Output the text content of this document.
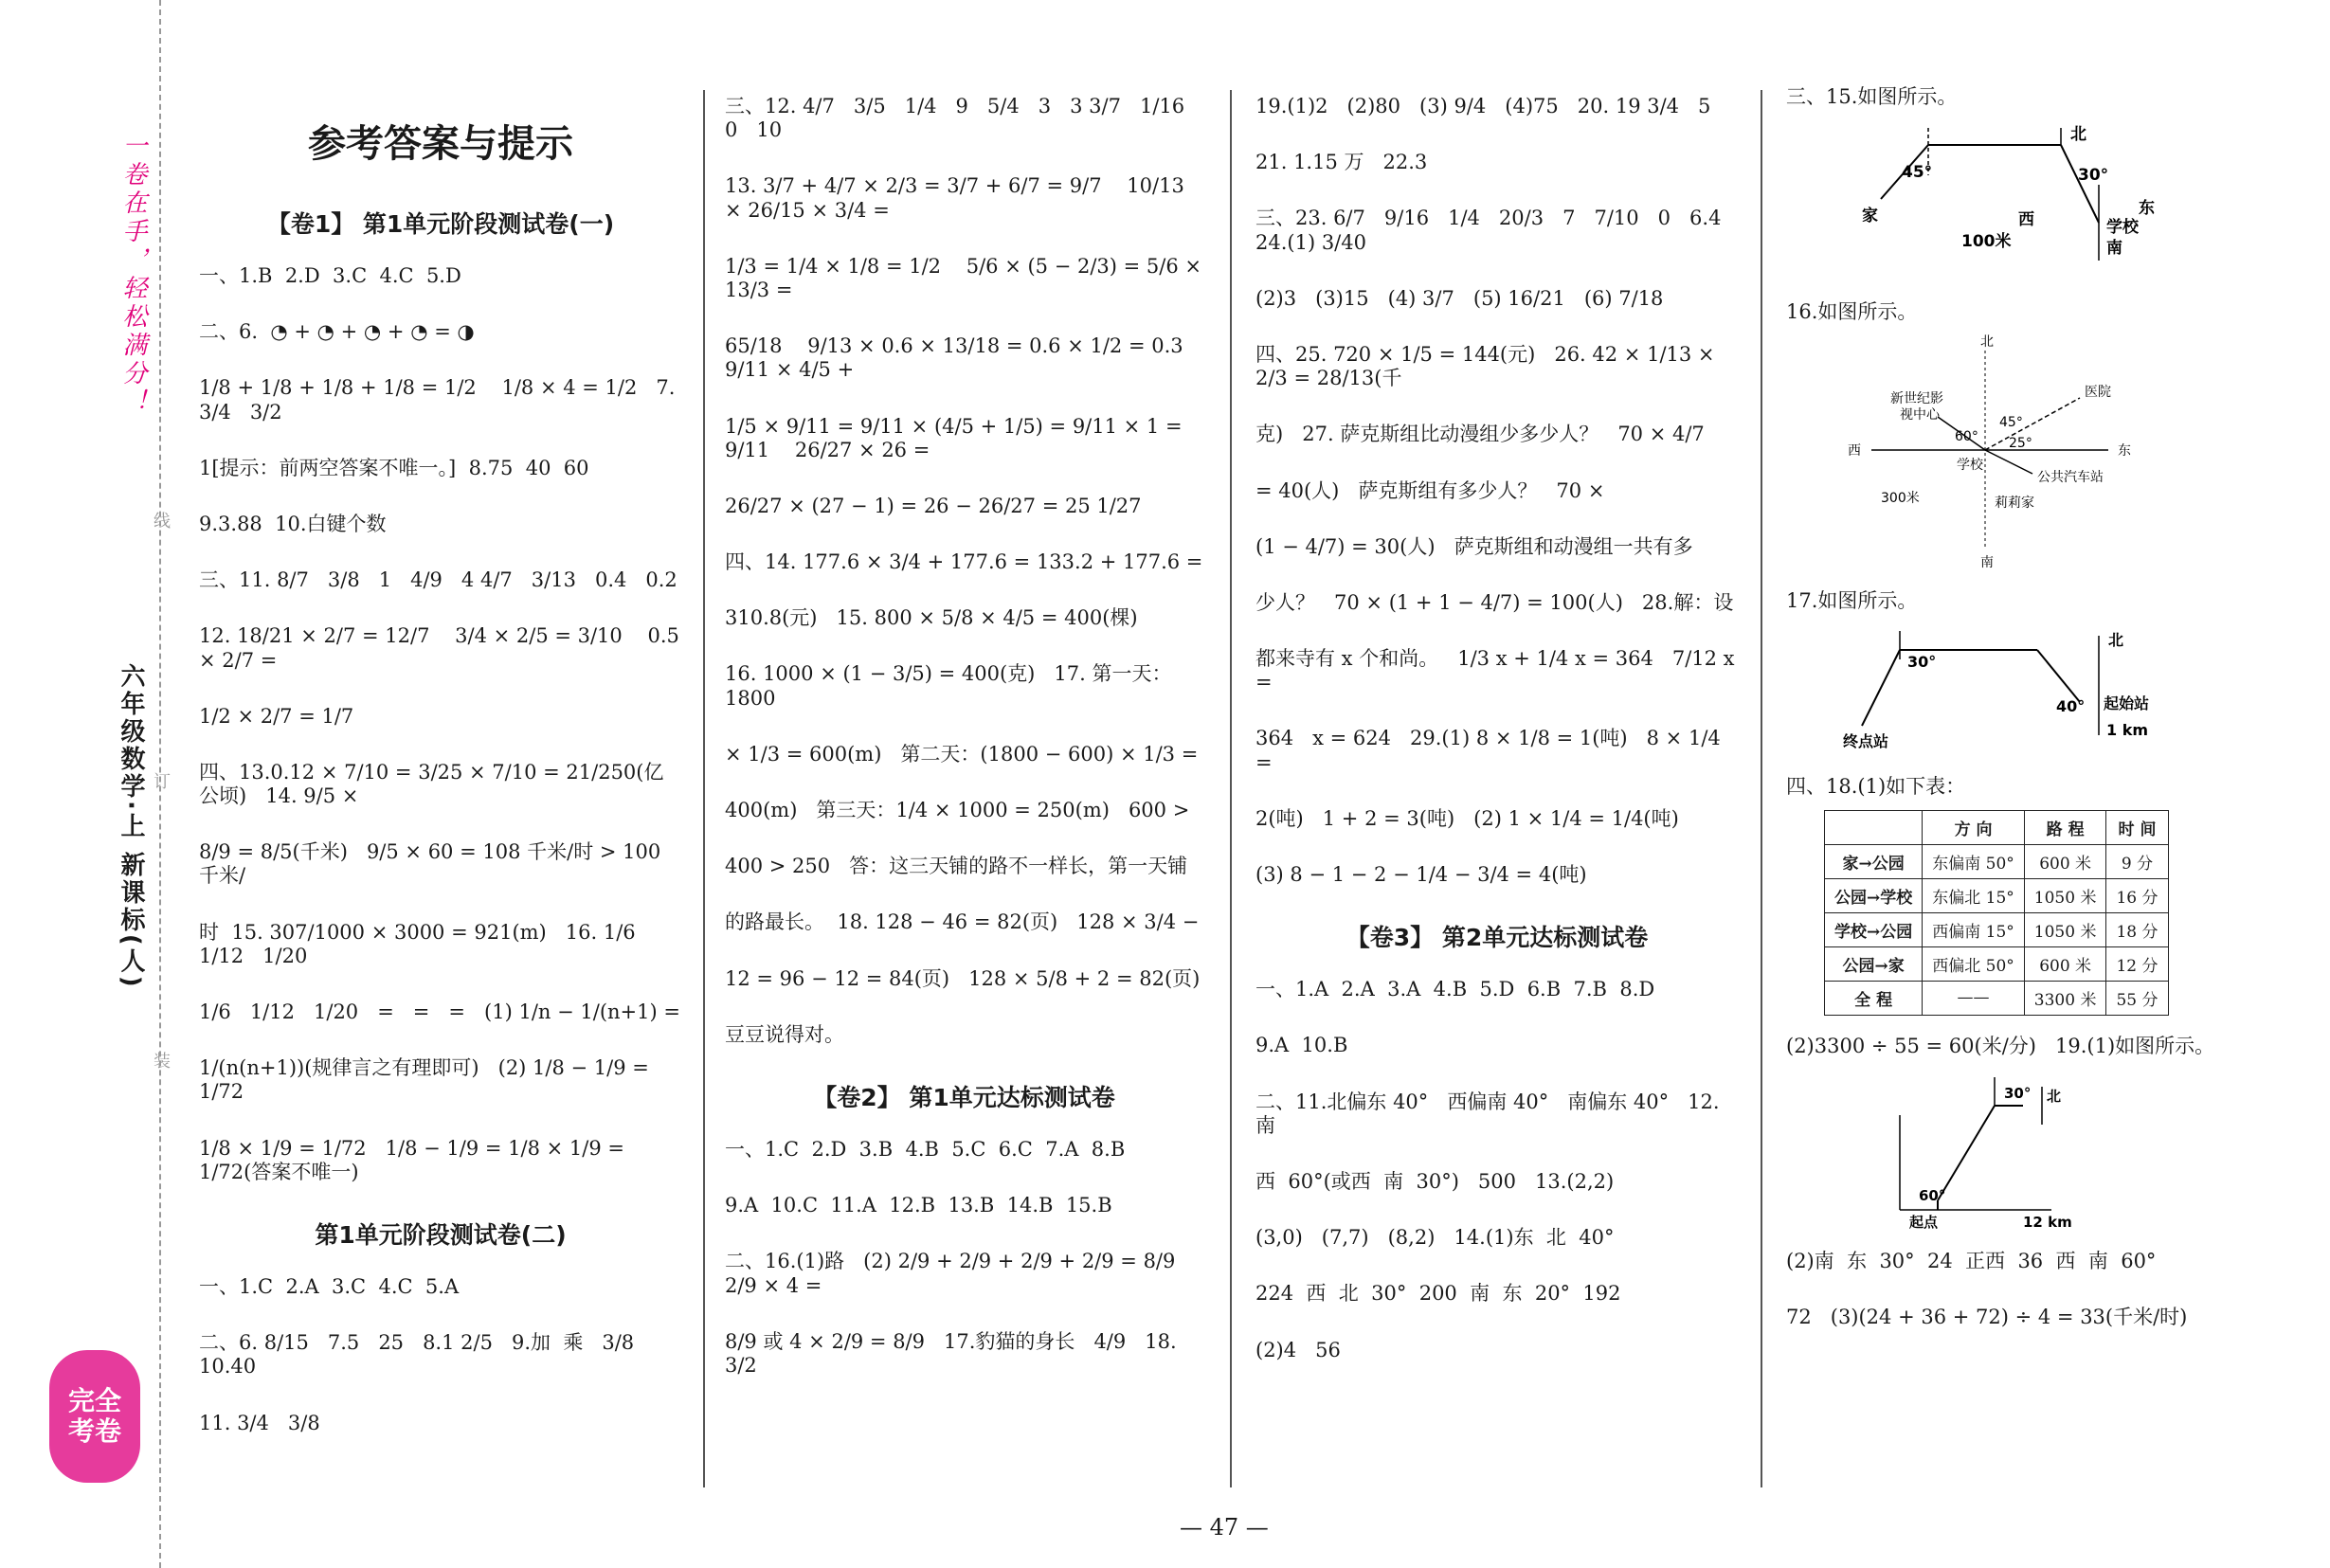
一卷在手，轻松满分！
六年级数学·上 新课标(人)
线
订
装
完全
考卷
参考答案与提示
【卷1】 第1单元阶段测试卷(一)
一、1.B  2.D  3.C  4.C  5.D
二、6.  ◔ + ◔ + ◔ + ◔ = ◑
1/8 + 1/8 + 1/8 + 1/8 = 1/2    1/8 × 4 = 1/2   7. 3/4   3/2
1[提示：前两空答案不唯一。]  8.75  40  60
9.3.88  10.白键个数
三、11. 8/7   3/8   1   4/9   4 4/7   3/13   0.4   0.2
12. 18/21 × 2/7 = 12/7    3/4 × 2/5 = 3/10    0.5 × 2/7 =
1/2 × 2/7 = 1/7
四、13.0.12 × 7/10 = 3/25 × 7/10 = 21/250(亿公顷)   14. 9/5 ×
8/9 = 8/5(千米)   9/5 × 60 = 108 千米/时 > 100 千米/
时  15. 307/1000 × 3000 = 921(m)   16. 1/6   1/12   1/20
1/6   1/12   1/20   =   =   =   (1) 1/n − 1/(n+1) =
1/(n(n+1))(规律言之有理即可)   (2) 1/8 − 1/9 = 1/72
1/8 × 1/9 = 1/72   1/8 − 1/9 = 1/8 × 1/9 = 1/72(答案不唯一)
第1单元阶段测试卷(二)
一、1.C  2.A  3.C  4.C  5.A
二、6. 8/15   7.5   25   8.1 2/5   9.加  乘   3/8   10.40
11. 3/4   3/8
三、12. 4/7   3/5   1/4   9   5/4   3   3 3/7   1/16   0   10
13. 3/7 + 4/7 × 2/3 = 3/7 + 6/7 = 9/7    10/13 × 26/15 × 3/4 =
1/3 = 1/4 × 1/8 = 1/2    5/6 × (5 − 2/3) = 5/6 × 13/3 =
65/18    9/13 × 0.6 × 13/18 = 0.6 × 1/2 = 0.3    9/11 × 4/5 +
1/5 × 9/11 = 9/11 × (4/5 + 1/5) = 9/11 × 1 = 9/11    26/27 × 26 =
26/27 × (27 − 1) = 26 − 26/27 = 25 1/27
四、14. 177.6 × 3/4 + 177.6 = 133.2 + 177.6 =
310.8(元)   15. 800 × 5/8 × 4/5 = 400(棵)
16. 1000 × (1 − 3/5) = 400(克)   17. 第一天：1800
× 1/3 = 600(m)   第二天：(1800 − 600) × 1/3 =
400(m)   第三天：1/4 × 1000 = 250(m)   600 >
400 > 250   答：这三天铺的路不一样长，第一天铺
的路最长。  18. 128 − 46 = 82(页)   128 × 3/4 −
12 = 96 − 12 = 84(页)   128 × 5/8 + 2 = 82(页)
豆豆说得对。
【卷2】 第1单元达标测试卷
一、1.C  2.D  3.B  4.B  5.C  6.C  7.A  8.B
9.A  10.C  11.A  12.B  13.B  14.B  15.B
二、16.(1)路   (2) 2/9 + 2/9 + 2/9 + 2/9 = 8/9    2/9 × 4 =
8/9 或 4 × 2/9 = 8/9   17.豹猫的身长   4/9   18. 3/2
19.(1)2   (2)80   (3) 9/4   (4)75   20. 19 3/4   5
21. 1.15 万   22.3
三、23. 6/7   9/16   1/4   20/3   7   7/10   0   6.4   24.(1) 3/40
(2)3   (3)15   (4) 3/7   (5) 16/21   (6) 7/18
四、25. 720 × 1/5 = 144(元)   26. 42 × 1/13 × 2/3 = 28/13(千
克)   27. 萨克斯组比动漫组少多少人？   70 × 4/7
= 40(人)   萨克斯组有多少人？   70 ×
(1 − 4/7) = 30(人)   萨克斯组和动漫组一共有多
少人？   70 × (1 + 1 − 4/7) = 100(人)   28.解：设
都来寺有 x 个和尚。   1/3 x + 1/4 x = 364   7/12 x =
364   x = 624   29.(1) 8 × 1/8 = 1(吨)   8 × 1/4 =
2(吨)   1 + 2 = 3(吨)   (2) 1 × 1/4 = 1/4(吨)
(3) 8 − 1 − 2 − 1/4 − 3/4 = 4(吨)
【卷3】 第2单元达标测试卷
一、1.A  2.A  3.A  4.B  5.D  6.B  7.B  8.D
9.A  10.B
二、11.北偏东 40°   西偏南 40°   南偏东 40°   12.南
西  60°(或西  南  30°)   500   13.(2,2)
(3,0)   (7,7)   (8,2)   14.(1)东  北  40°
224  西  北  30°  200  南  东  20°  192
(2)4   56
三、15.如图所示。
北
45°	30°
家	西	学校
东
南
100米
16.如图所示。
北
西	东
南
新世纪影
视中心
医院
学校
公共汽车站
莉莉家
60°
45°
25°
300米
17.如图所示。
北
30°
40° 起始站
终点站
1 km
四、18.(1)如下表：
	方 向	路 程	时 间
家→公园	东偏南 50°	600 米	9 分
公园→学校	东偏北 15°	1050 米	16 分
学校→公园	西偏南 15°	1050 米	18 分
公园→家	西偏北 50°	600 米	12 分
全 程	——	3300 米	55 分
(2)3300 ÷ 55 = 60(米/分)   19.(1)如图所示。
北
30°
60°
起点	12 km
(2)南  东  30°  24  正西  36  西  南  60°
72   (3)(24 + 36 + 72) ÷ 4 = 33(千米/时)
— 47 —
